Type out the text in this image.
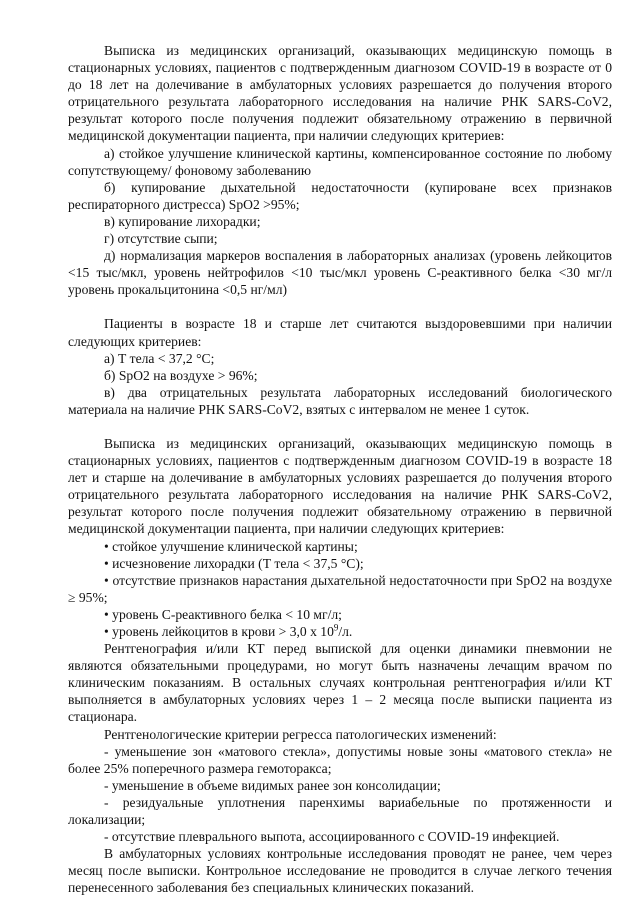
Выписка из медицинских организаций, оказывающих медицинскую помощь в стационарных условиях, пациентов с подтвержденным диагнозом COVID-19 в возрасте от 0 до 18 лет на долечивание в амбулаторных условиях разрешается до получения второго отрицательного результата лабораторного исследования на наличие РНК SARS-CoV2, результат которого после получения подлежит обязательному отражению в первичной медицинской документации пациента, при наличии следующих критериев:

а) стойкое улучшение клинической картины, компенсированное состояние по любому сопутствующему/ фоновому заболеванию

б) купирование дыхательной недостаточности (купироване всех признаков респираторного дистресса) SpO2 >95%;

в) купирование лихорадки;

г) отсутствие сыпи;

д) нормализация маркеров воспаления в лабораторных анализах (уровень лейкоцитов <15 тыс/мкл, уровень нейтрофилов <10 тыс/мкл уровень С-реактивного белка <30 мг/л уровень прокальцитонина <0,5 нг/мл)

Пациенты в возрасте 18 и старше лет считаются выздоровевшими при наличии следующих критериев:

а) Т тела < 37,2 °С;

б) SpO2 на воздухе > 96%;

в) два отрицательных результата лабораторных исследований биологического материала на наличие РНК SARS-CoV2, взятых с интервалом не менее 1 суток.

Выписка из медицинских организаций, оказывающих медицинскую помощь в стационарных условиях, пациентов с подтвержденным диагнозом COVID-19 в возрасте 18 лет и старше на долечивание в амбулаторных условиях разрешается до получения второго отрицательного результата лабораторного исследования на наличие РНК SARS-CoV2, результат которого после получения подлежит обязательному отражению в первичной медицинской документации пациента, при наличии следующих критериев:

• стойкое улучшение клинической картины;

• исчезновение лихорадки (Т тела < 37,5 °С);

• отсутствие признаков нарастания дыхательной недостаточности при SpO2 на воздухе ≥ 95%;

• уровень С-реактивного белка < 10 мг/л;

• уровень лейкоцитов в крови > 3,0 х $10^9/л$.

Рентгенография и/или КТ перед выпиской для оценки динамики пневмонии не являются обязательными процедурами, но могут быть назначены лечащим врачом по клиническим показаниям. В остальных случаях контрольная рентгенография и/или КТ выполняется в амбулаторных условиях через 1 – 2 месяца после выписки пациента из стационара.

Рентгенологические критерии регресса патологических изменений:

- уменьшение зон «матового стекла», допустимы новые зоны «матового стекла» не более 25% поперечного размера гемоторакса;

- уменьшение в объеме видимых ранее зон консолидации;

- резидуальные уплотнения паренхимы вариабельные по протяженности и локализации;

- отсутствие плеврального выпота, ассоциированного с COVID-19 инфекцией.

В амбулаторных условиях контрольные исследования проводят не ранее, чем через месяц после выписки. Контрольное исследование не проводится в случае легкого течения перенесенного заболевания без специальных клинических показаний.
